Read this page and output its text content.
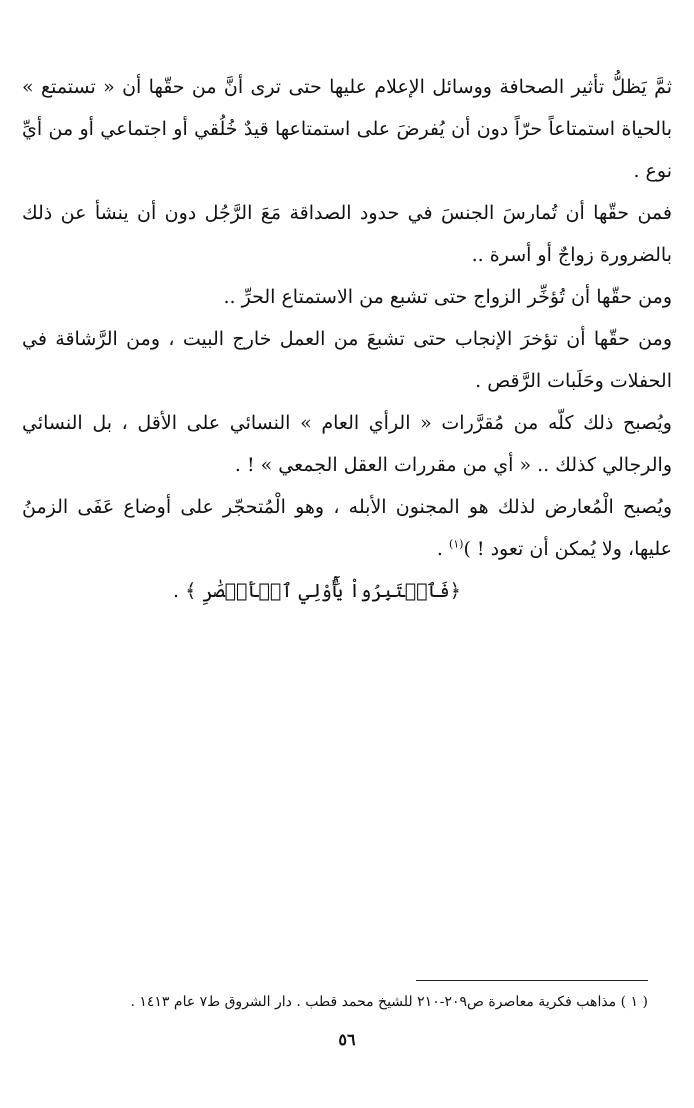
ثمَّ يَظلُّ تأثير الصحافة ووسائل الإعلام عليها حتى ترى أنَّ من حقّها أن « تستمتع » بالحياة استمتاعاً حرّاً دون أن يُفرضَ على استمتاعها قيدٌ خُلُقي أو اجتماعي أو من أيِّ نوع .

فمن حقّها أن تُمارسَ الجنسَ في حدود الصداقة مَعَ الرَّجُل دون أن ينشأ عن ذلك بالضرورة زواجٌ أو أسرة ..

ومن حقّها أن تُؤخِّر الزواج حتى تشبع من الاستمتاع الحرِّ ..

ومن حقّها أن تؤخرَ الإنجاب حتى تشبعَ من العمل خارج البيت ، ومن الرَّشاقة في الحفلات وحَلَبات الرَّقص .

ويُصبح ذلك كلّه من مُقرَّرات « الرأي العام » النسائي على الأقل ، بل النسائي والرجالي كذلك .. « أي من مقررات العقل الجمعي » ! .

ويُصبح الْمُعارض لذلك هو المجنون الأبله ، وهو الْمُتحجّر على أوضاع عَفَى الزمنُ عليها، ولا يُمكن أن تعود ! )$^{(١)}$ .

﴿فَٱعۡتَبِرُواْ يَٰٓأُوْلِي ٱلۡأَبۡصَٰرِ ﴾ .

( ١ ) مذاهب فكرية معاصرة ص٢٠٩-٢١٠ للشيخ محمد قطب . دار الشروق ط٧ عام ١٤١٣ .
٥٦
